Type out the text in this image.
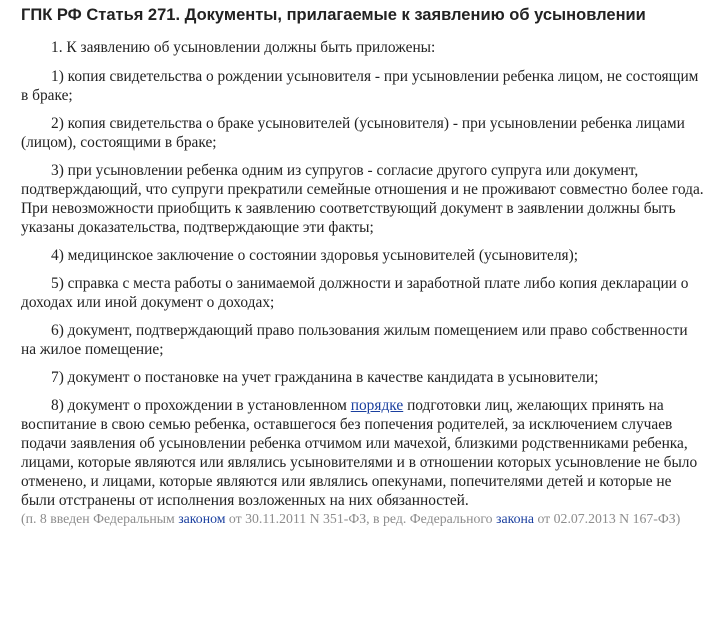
ГПК РФ Статья 271. Документы, прилагаемые к заявлению об усыновлении

1. К заявлению об усыновлении должны быть приложены:

1) копия свидетельства о рождении усыновителя - при усыновлении ребенка лицом, не состоящим в браке;

2) копия свидетельства о браке усыновителей (усыновителя) - при усыновлении ребенка лицами (лицом), состоящими в браке;

3) при усыновлении ребенка одним из супругов - согласие другого супруга или документ, подтверждающий, что супруги прекратили семейные отношения и не проживают совместно более года. При невозможности приобщить к заявлению соответствующий документ в заявлении должны быть указаны доказательства, подтверждающие эти факты;

4) медицинское заключение о состоянии здоровья усыновителей (усыновителя);

5) справка с места работы о занимаемой должности и заработной плате либо копия декларации о доходах или иной документ о доходах;

6) документ, подтверждающий право пользования жилым помещением или право собственности на жилое помещение;

7) документ о постановке на учет гражданина в качестве кандидата в усыновители;

8) документ о прохождении в установленном порядке подготовки лиц, желающих принять на воспитание в свою семью ребенка, оставшегося без попечения родителей, за исключением случаев подачи заявления об усыновлении ребенка отчимом или мачехой, близкими родственниками ребенка, лицами, которые являются или являлись усыновителями и в отношении которых усыновление не было отменено, и лицами, которые являются или являлись опекунами, попечителями детей и которые не были отстранены от исполнения возложенных на них обязанностей.

(п. 8 введен Федеральным законом от 30.11.2011 N 351-ФЗ, в ред. Федерального закона от 02.07.2013 N 167-ФЗ)
